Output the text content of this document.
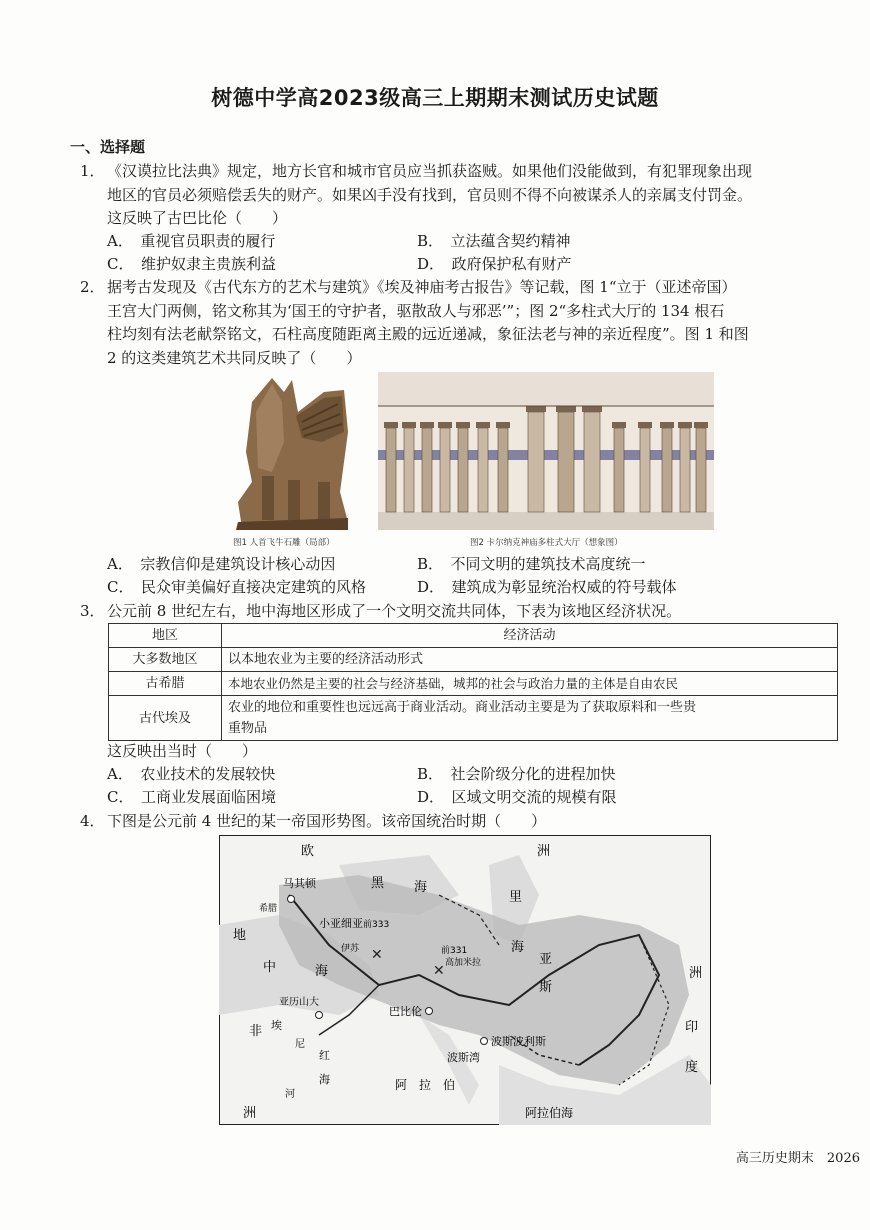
树德中学高2023级高三上期期末测试历史试题
一、选择题
1． 《汉谟拉比法典》规定，地方长官和城市官员应当抓获盗贼。如果他们没能做到，有犯罪现象出现
地区的官员必须赔偿丢失的财产。如果凶手没有找到，官员则不得不向被谋杀人的亲属支付罚金。
这反映了古巴比伦（　　）
A．　重视官员职责的履行	B．　立法蕴含契约精神
C．　维护奴隶主贵族利益	D．　政府保护私有财产
2． 据考古发现及《古代东方的艺术与建筑》《埃及神庙考古报告》等记载，图 1“立于（亚述帝国）
王宫大门两侧，铭文称其为‘国王的守护者，驱散敌人与邪恶’”；图 2“多柱式大厅的 134 根石
柱均刻有法老献祭铭文，石柱高度随距离主殿的远近递减，象征法老与神的亲近程度”。图 1 和图
2 的这类建筑艺术共同反映了（　　）
图1 人首飞牛石雕（局部）	图2 卡尔纳克神庙多柱式大厅（想象图）
A．　宗教信仰是建筑设计核心动因	B．　不同文明的建筑技术高度统一
C．　民众审美偏好直接决定建筑的风格	D．　建筑成为彰显统治权威的符号载体
3． 公元前 8 世纪左右，地中海地区形成了一个文明交流共同体，下表为该地区经济状况。
地区	经济活动
大多数地区	以本地农业为主要的经济活动形式
古希腊	本地农业仍然是主要的社会与经济基础，城邦的社会与政治力量的主体是自由农民
古代埃及	农业的地位和重要性也远远高于商业活动。商业活动主要是为了获取原料和一些贵
重物品
这反映出当时（　　）
A．　农业技术的发展较快	B．　社会阶级分化的进程加快
C．　工商业发展面临困境	D．　区域文明交流的规模有限
4． 下图是公元前 4 世纪的某一帝国形势图。该帝国统治时期（　　）
✕
✕
欧	洲
黑 海
里
海
地
中	海
马其顿
小亚细亚
希腊
前333
前331
高加米拉
伊苏
亚
斯
洲
印
度
非
洲
阿　拉　伯
阿拉伯海
巴比伦
波斯波利斯
波斯湾
亚历山大
埃
尼
河
红
海
高三历史期末　2026
